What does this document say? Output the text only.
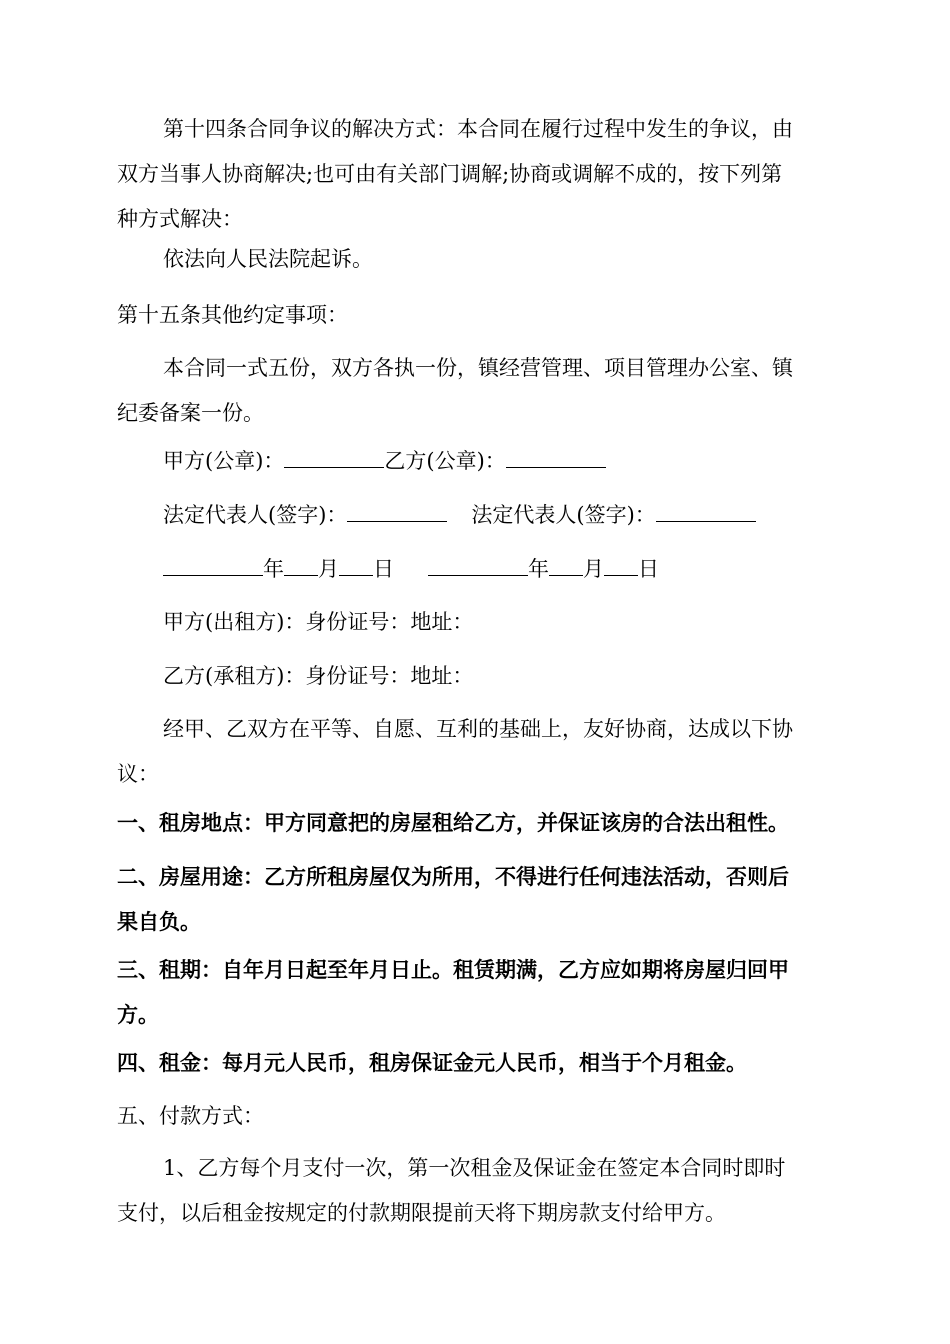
第十四条合同争议的解决方式：本合同在履行过程中发生的争议，由
双方当事人协商解决;也可由有关部门调解;协商或调解不成的，按下列第
种方式解决：

依法向人民法院起诉。

第十五条其他约定事项：

本合同一式五份，双方各执一份，镇经营管理、项目管理办公室、镇
纪委备案一份。

甲方(公章)：	乙方(公章)：

法定代表人(签字)：	法定代表人(签字)：

年 月 日	年 月 日

甲方(出租方)：身份证号：地址：

乙方(承租方)：身份证号：地址：

经甲、乙双方在平等、自愿、互利的基础上，友好协商，达成以下协
议：

一、租房地点：甲方同意把的房屋租给乙方，并保证该房的合法出租性。

二、房屋用途：乙方所租房屋仅为所用，不得进行任何违法活动，否则后
果自负。

三、租期：自年月日起至年月日止。租赁期满，乙方应如期将房屋归回甲
方。

四、租金：每月元人民币，租房保证金元人民币，相当于个月租金。

五、付款方式：

1、乙方每个月支付一次，第一次租金及保证金在签定本合同时即时
支付，以后租金按规定的付款期限提前天将下期房款支付给甲方。
